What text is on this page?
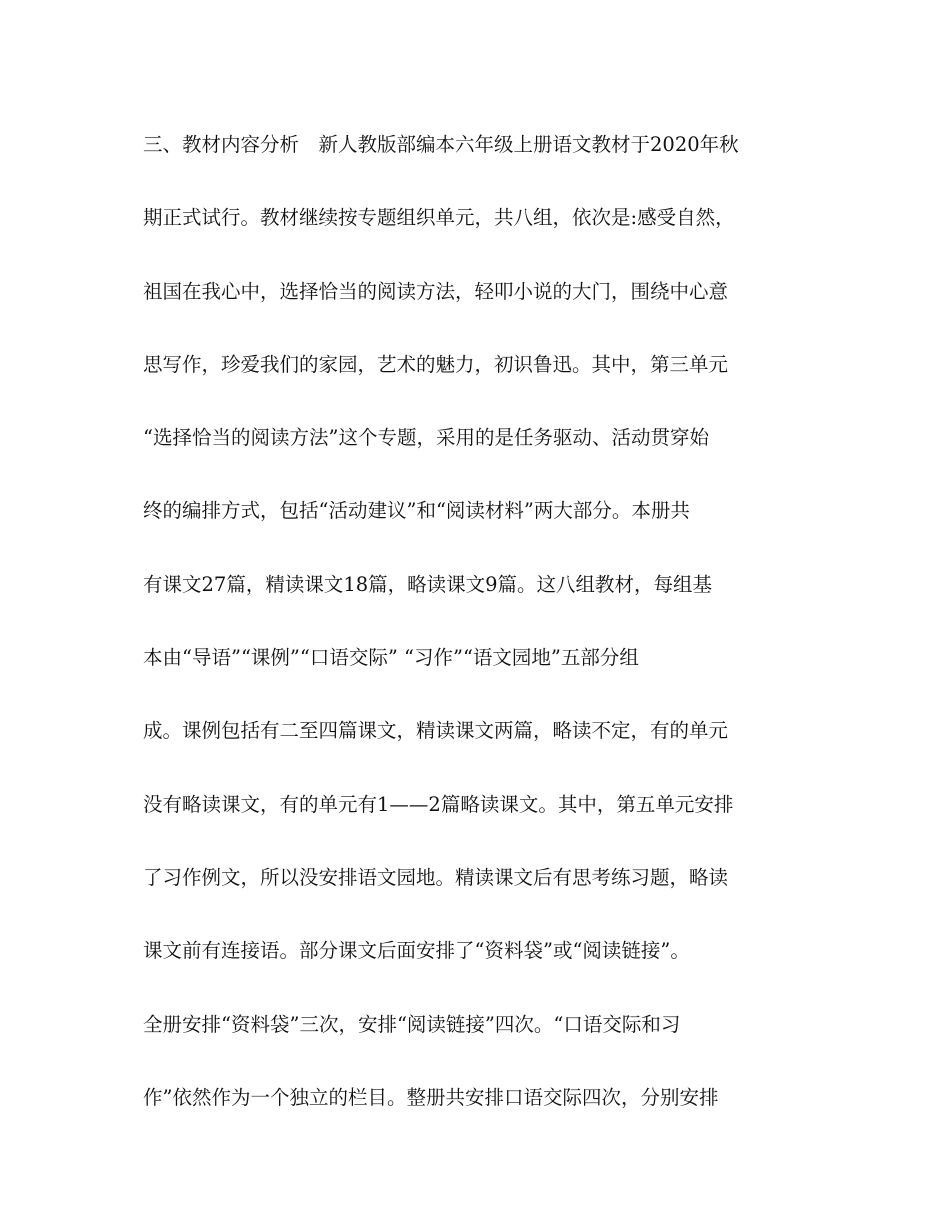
三、教材内容分析　新人教版部编本六年级上册语文教材于2020年秋
期正式试行。教材继续按专题组织单元，共八组，依次是:感受自然，
祖国在我心中，选择恰当的阅读方法，轻叩小说的大门，围绕中心意
思写作，珍爱我们的家园，艺术的魅力，初识鲁迅。其中，第三单元
“选择恰当的阅读方法”这个专题，采用的是任务驱动、活动贯穿始
终的编排方式，包括“活动建议”和“阅读材料”两大部分。本册共
有课文27篇，精读课文18篇，略读课文9篇。这八组教材，每组基
本由“导语”“课例”“口语交际” “习作”“语文园地”五部分组
成。课例包括有二至四篇课文，精读课文两篇，略读不定，有的单元
没有略读课文，有的单元有1——2篇略读课文。其中，第五单元安排
了习作例文，所以没安排语文园地。精读课文后有思考练习题，略读
课文前有连接语。部分课文后面安排了“资料袋”或“阅读链接”。
全册安排“资料袋”三次，安排“阅读链接”四次。“口语交际和习
作”依然作为一个独立的栏目。整册共安排口语交际四次，分别安排
